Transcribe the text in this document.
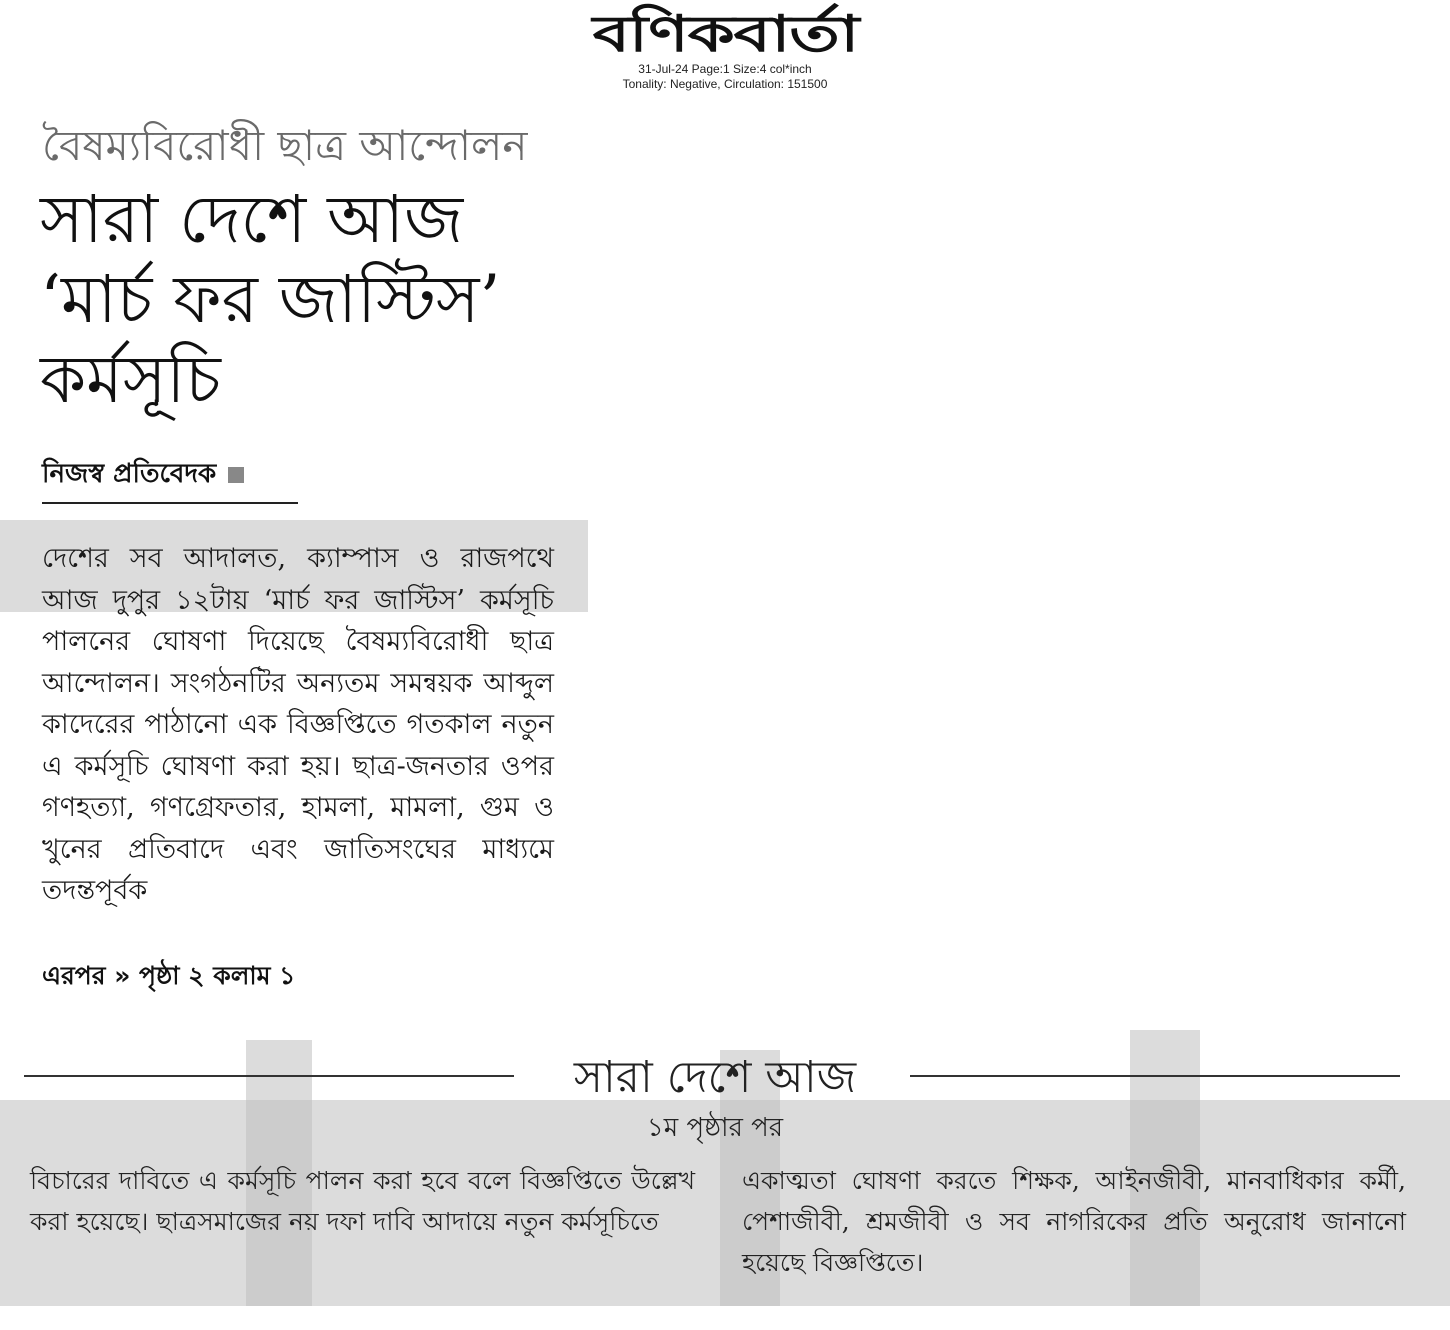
বণিকবার্তা
31-Jul-24 Page:1 Size:4 col*inch
Tonality: Negative, Circulation: 151500
বৈষম্যবিরোধী ছাত্র আন্দোলন
সারা দেশে আজ
‘মার্চ ফর জাস্টিস’
কর্মসূচি
নিজস্ব প্রতিবেদক
দেশের সব আদালত, ক্যাম্পাস ও রাজপথে আজ দুপুর ১২টায় ‘মার্চ ফর জাস্টিস’ কর্মসূচি পালনের ঘোষণা দিয়েছে বৈষম্যবিরোধী ছাত্র আন্দোলন। সংগঠনটির অন্যতম সমন্বয়ক আব্দুল কাদেরের পাঠানো এক বিজ্ঞপ্তিতে গতকাল নতুন এ কর্মসূচি ঘোষণা করা হয়। ছাত্র-জনতার ওপর গণহত্যা, গণগ্রেফতার, হামলা, মামলা, গুম ও খুনের প্রতিবাদে এবং জাতিসংঘের মাধ্যমে তদন্তপূর্বক
এরপর » পৃষ্ঠা ২ কলাম ১
সারা দেশে আজ
১ম পৃষ্ঠার পর
বিচারের দাবিতে এ কর্মসূচি পালন করা হবে বলে বিজ্ঞপ্তিতে উল্লেখ করা হয়েছে। ছাত্রসমাজের নয় দফা দাবি আদায়ে নতুন কর্মসূচিতে
একাত্মতা ঘোষণা করতে শিক্ষক, আইনজীবী, মানবাধিকার কর্মী, পেশাজীবী, শ্রমজীবী ও সব নাগরিকের প্রতি অনুরোধ জানানো হয়েছে বিজ্ঞপ্তিতে।
